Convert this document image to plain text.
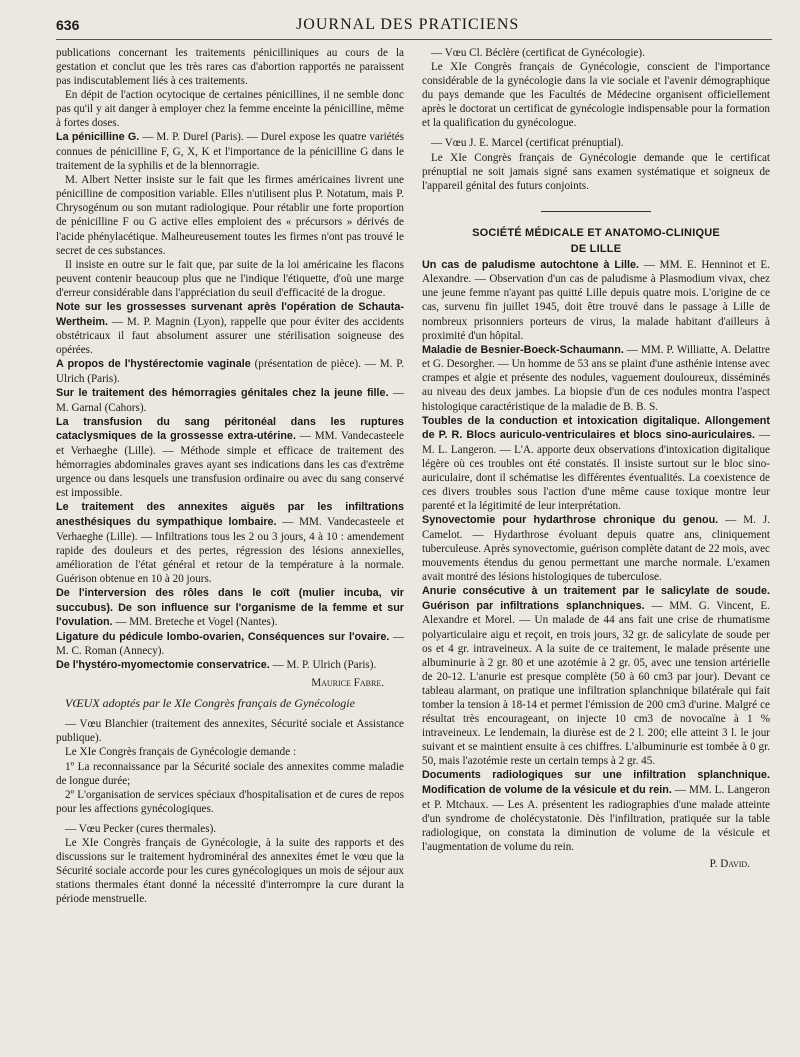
636	JOURNAL DES PRATICIENS

publications concernant les traitements pénicilliniques au cours de la gestation et conclut que les très rares cas d'abortion rapportés ne paraissent pas indiscutablement liés à ces traitements.

En dépit de l'action ocytocique de certaines pénicillines, il ne semble donc pas qu'il y ait danger à employer chez la femme enceinte la pénicilline, même à fortes doses.

La pénicilline G. — M. P. Durel (Paris). — Durel expose les quatre variétés connues de pénicilline F, G, X, K et l'importance de la pénicilline G dans le traitement de la syphilis et de la blennorragie.

M. Albert Netter insiste sur le fait que les firmes américaines livrent une pénicilline de composition variable. Elles n'utilisent plus P. Notatum, mais P. Chrysogénum ou son mutant radiologique. Pour rétablir une forte proportion de pénicilline F ou G active elles emploient des « précursors » dérivés de l'acide phénylacétique. Malheureusement toutes les firmes n'ont pas trouvé le secret de ces substances.

Il insiste en outre sur le fait que, par suite de la loi américaine les flacons peuvent contenir beaucoup plus que ne l'indique l'étiquette, d'où une marge d'erreur considérable dans l'appréciation du seuil d'efficacité de la drogue.

Note sur les grossesses survenant après l'opération de Schauta-Wertheim. — M. P. Magnin (Lyon), rappelle que pour éviter des accidents obstétricaux il faut absolument assurer une stérilisation soigneuse des opérées.

A propos de l'hystérectomie vaginale (présentation de pièce). — M. P. Ulrich (Paris).

Sur le traitement des hémorragies génitales chez la jeune fille. — M. Garnal (Cahors).

La transfusion du sang péritonéal dans les ruptures cataclysmiques de la grossesse extra-utérine. — MM. Vandecasteele et Verhaeghe (Lille). — Méthode simple et efficace de traitement des hémorragies abdominales graves ayant ses indications dans les cas d'extrême urgence ou dans lesquels une transfusion ordinaire ou avec du sang conservé est impossible.

Le traitement des annexites aiguës par les infiltrations anesthésiques du sympathique lombaire. — MM. Vandecasteele et Verhaeghe (Lille). — Infiltrations tous les 2 ou 3 jours, 4 à 10 : amendement rapide des douleurs et des pertes, régression des lésions annexielles, amélioration de l'état général et retour de la température à la normale. Guérison obtenue en 10 à 20 jours.

De l'interversion des rôles dans le coït (mulier incuba, vir succubus). De son influence sur l'organisme de la femme et sur l'ovulation. — MM. Breteche et Vogel (Nantes).

Ligature du pédicule lombo-ovarien, Conséquences sur l'ovaire. — M. C. Roman (Annecy).

De l'hystéro-myomectomie conservatrice. — M. P. Ulrich (Paris).

Maurice Fabre.

VŒUX adoptés par le XIe Congrès français de Gynécologie

— Vœu Blanchier (traitement des annexites, Sécurité sociale et Assistance publique).

Le XIe Congrès français de Gynécologie demande :

1º La reconnaissance par la Sécurité sociale des annexites comme maladie de longue durée;

2º L'organisation de services spéciaux d'hospitalisation et de cures de repos pour les affections gynécologiques.

— Vœu Pecker (cures thermales).

Le XIe Congrès français de Gynécologie, à la suite des rapports et des discussions sur le traitement hydrominéral des annexites émet le vœu que la Sécurité sociale accorde pour les cures gynécologiques un mois de séjour aux stations thermales étant donné la nécessité d'interrompre la cure durant la période menstruelle.

— Vœu Cl. Béclère (certificat de Gynécologie).

Le XIe Congrès français de Gynécologie, conscient de l'importance considérable de la gynécologie dans la vie sociale et l'avenir démographique du pays demande que les Facultés de Médecine organisent officiellement après le doctorat un certificat de gynécologie indispensable pour la formation et la qualification du gynécologue.

— Vœu J. E. Marcel (certificat prénuptial).

Le XIe Congrès français de Gynécologie demande que le certificat prénuptial ne soit jamais signé sans examen systématique et soigneux de l'appareil génital des futurs conjoints.

SOCIÉTÉ MÉDICALE ET ANATOMO-CLINIQUE
DE LILLE

Un cas de paludisme autochtone à Lille. — MM. E. Henninot et E. Alexandre. — Observation d'un cas de paludisme à Plasmodium vivax, chez une jeune femme n'ayant pas quitté Lille depuis quatre mois. L'origine de ce cas, survenu fin juillet 1945, doit être trouvé dans le passage à Lille de nombreux prisonniers porteurs de virus, la malade habitant d'ailleurs à proximité d'un hôpital.

Maladie de Besnier-Boeck-Schaumann. — MM. P. Williatte, A. Delattre et G. Desorgher. — Un homme de 53 ans se plaint d'une asthénie intense avec crampes et algie et présente des nodules, vaguement douloureux, disséminés au niveau des deux jambes. La biopsie d'un de ces nodules montra l'aspect histologique caractéristique de la maladie de B. B. S.

Toubles de la conduction et intoxication digitalique. Allongement de P. R. Blocs auriculo-ventriculaires et blocs sino-auriculaires. — M. L. Langeron. — L'A. apporte deux observations d'intoxication digitalique légère où ces troubles ont été constatés. Il insiste surtout sur le bloc sino-auriculaire, dont il schématise les différentes éventualités. La coexistence de ces divers troubles sous l'action d'une même cause toxique montre leur parenté et la légitimité de leur interprétation.

Synovectomie pour hydarthrose chronique du genou. — M. J. Camelot. — Hydarthrose évoluant depuis quatre ans, cliniquement tuberculeuse. Après synovectomie, guérison complète datant de 22 mois, avec mouvements étendus du genou permettant une marche normale. L'examen avait montré des lésions histologiques de tuberculose.

Anurie consécutive à un traitement par le salicylate de soude. Guérison par infiltrations splanchniques. — MM. G. Vincent, E. Alexandre et Morel. — Un malade de 44 ans fait une crise de rhumatisme polyarticulaire aigu et reçoit, en trois jours, 32 gr. de salicylate de soude per os et 4 gr. intraveineux. A la suite de ce traitement, le malade présente une albuminurie à 2 gr. 80 et une azotémie à 2 gr. 05, avec une tension artérielle de 20-12. L'anurie est presque complète (50 à 60 cm3 par jour). Devant ce tableau alarmant, on pratique une infiltration splanchnique bilatérale qui fait tomber la tension à 18-14 et permet l'émission de 200 cm3 d'urine. Malgré ce résultat très encourageant, on injecte 10 cm3 de novocaïne à 1 % intraveineux. Le lendemain, la diurèse est de 2 l. 200; elle atteint 3 l. le jour suivant et se maintient ensuite à ces chiffres. L'albuminurie est tombée à 0 gr. 50, mais l'azotémie reste un certain temps à 2 gr. 45.

Documents radiologiques sur une infiltration splanchnique. Modification de volume de la vésicule et du rein. — MM. L. Langeron et P. Mtchaux. — Les A. présentent les radiographies d'une malade atteinte d'un syndrome de cholécystatonie. Dès l'infiltration, pratiquée sur la table radiologique, on constata la diminution de volume de la vésicule et l'augmentation de volume du rein.

P. David.
